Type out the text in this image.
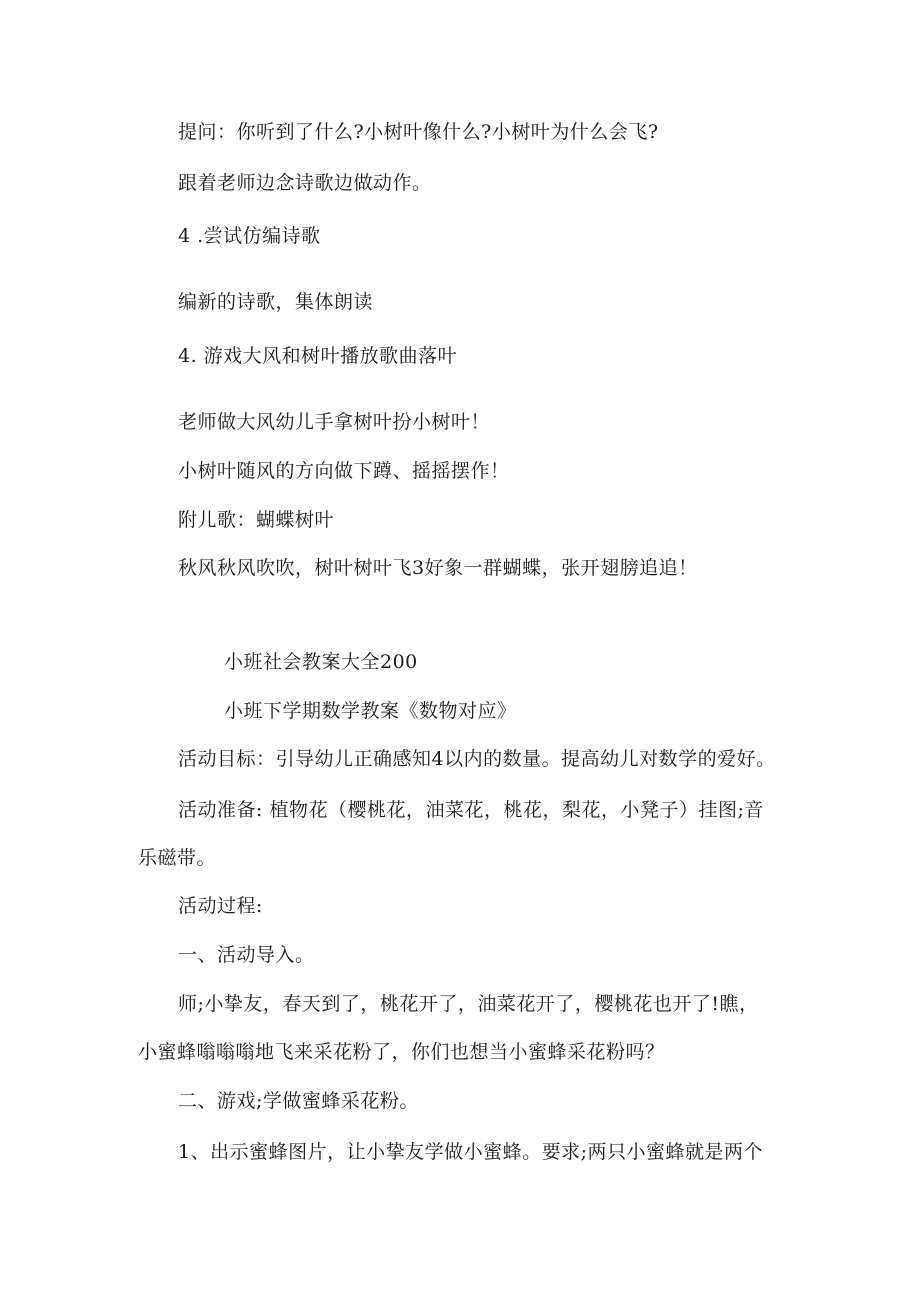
提问：你听到了什么?小树叶像什么?小树叶为什么会飞?
跟着老师边念诗歌边做动作。
4 .尝试仿编诗歌
编新的诗歌，集体朗读
4. 游戏大风和树叶播放歌曲落叶
老师做大风幼儿手拿树叶扮小树叶！
小树叶随风的方向做下蹲、摇摇摆作！
附儿歌：蝴蝶树叶
秋风秋风吹吹，树叶树叶飞3好象一群蝴蝶，张开翅膀追追！
小班社会教案大全200
小班下学期数学教案《数物对应》
活动目标：引导幼儿正确感知4以内的数量。提高幼儿对数学的爱好。
活动准备: 植物花（樱桃花，油菜花，桃花，梨花，小凳子）挂图;音
乐磁带。
活动过程:
一、活动导入。
师;小挚友，春天到了，桃花开了，油菜花开了，樱桃花也开了!瞧，
小蜜蜂嗡嗡嗡地飞来采花粉了，你们也想当小蜜蜂采花粉吗？
二、游戏;学做蜜蜂采花粉。
1、出示蜜蜂图片，让小挚友学做小蜜蜂。要求;两只小蜜蜂就是两个
